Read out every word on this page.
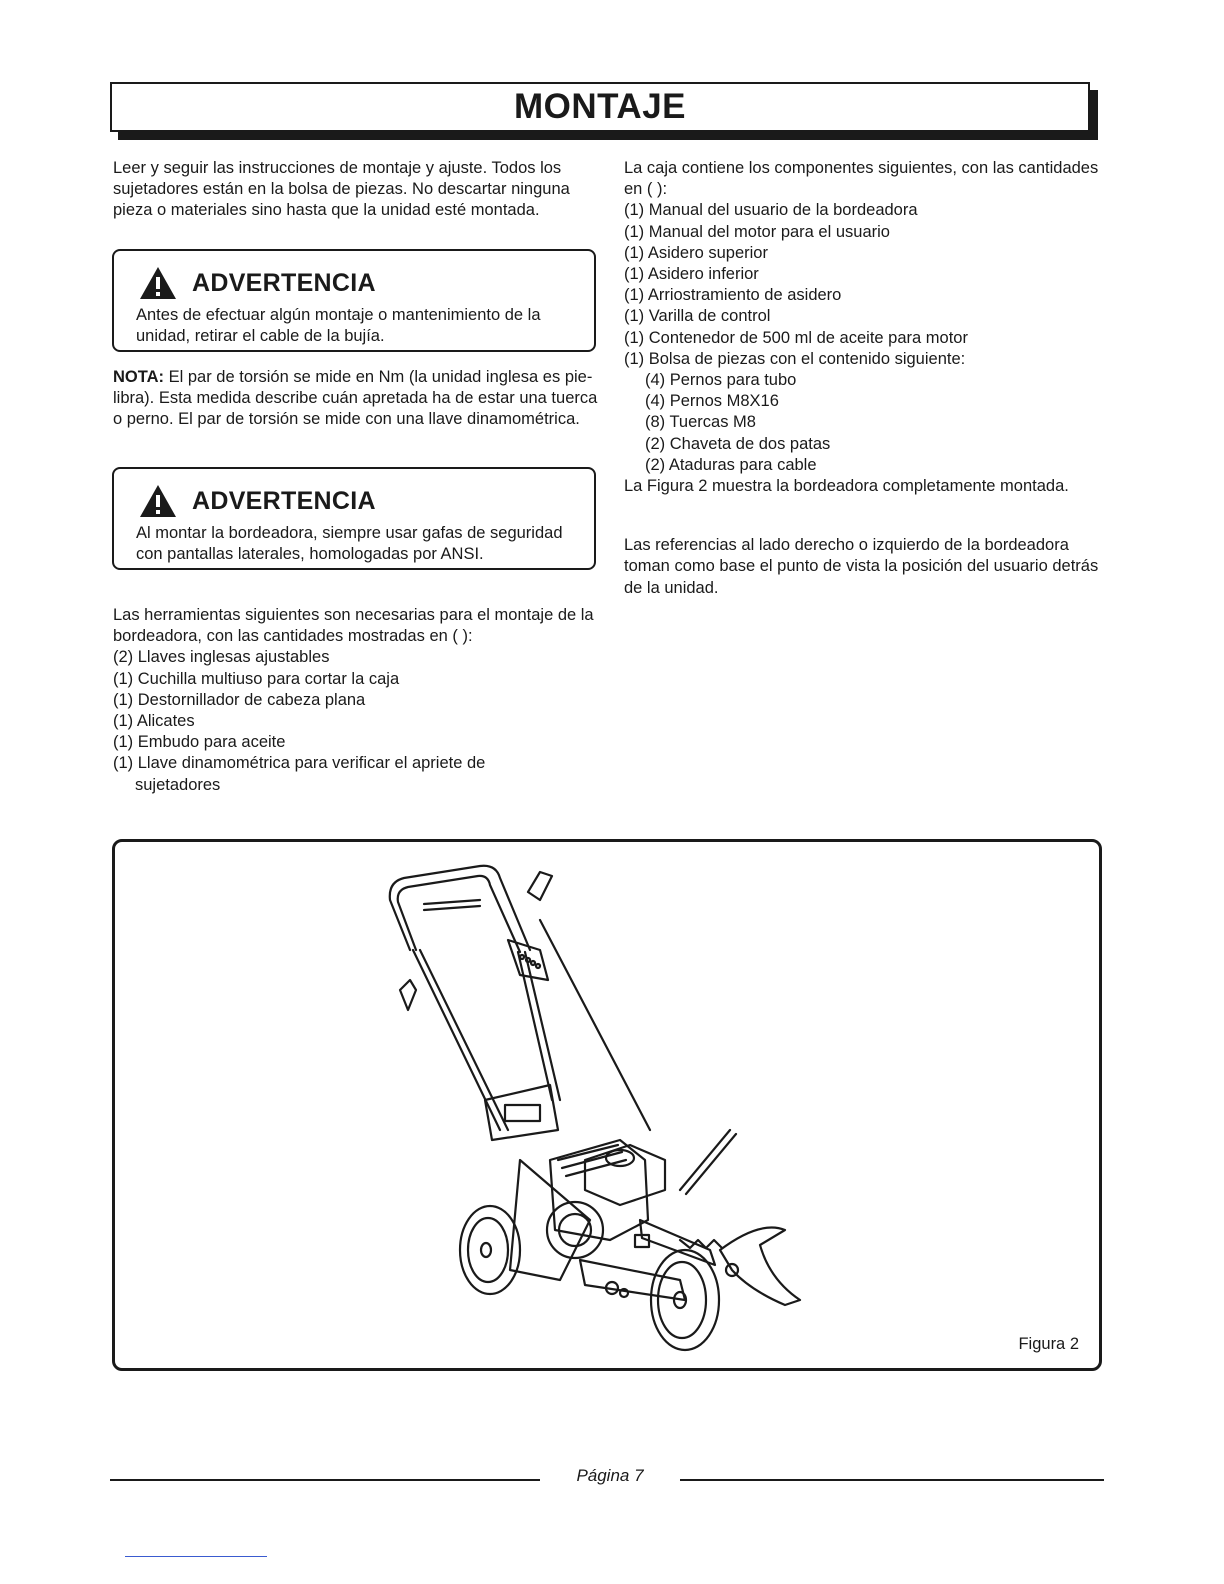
MONTAJE

Leer y seguir las instrucciones de montaje y ajuste. Todos los sujetadores están en la bolsa de piezas. No descartar ninguna pieza o materiales sino hasta que la unidad esté montada.

ADVERTENCIA
Antes de efectuar algún montaje o mantenimiento de la unidad, retirar el cable de la bujía.
NOTA: El par de torsión se mide en Nm (la unidad inglesa es pie-libra). Esta medida describe cuán apretada ha de estar una tuerca o perno. El par de torsión se mide con una llave dinamométrica.
ADVERTENCIA
Al montar la bordeadora, siempre usar gafas de seguridad con pantallas laterales, homologadas por ANSI.

Las herramientas siguientes son necesarias para el montaje de la bordeadora, con las cantidades mostradas en ( ):

(2) Llaves inglesas ajustables
(1) Cuchilla multiuso para cortar la caja
(1) Destornillador de cabeza plana
(1) Alicates
(1) Embudo para aceite
(1) Llave dinamométrica para verificar el apriete de
sujetadores

La caja contiene los componentes siguientes, con las cantidades en ( ):

(1) Manual del usuario de la bordeadora
(1) Manual del motor para el usuario
(1) Asidero superior
(1) Asidero inferior
(1) Arriostramiento de asidero
(1) Varilla de control
(1) Contenedor de 500 ml de aceite para motor
(1) Bolsa de piezas con el contenido siguiente:
(4) Pernos para tubo
(4) Pernos M8X16
(8) Tuercas M8
(2) Chaveta de dos patas
(2) Ataduras para cable

La Figura 2 muestra la bordeadora completamente montada.

Las referencias al lado derecho o izquierdo de la bordeadora toman como base el punto de vista la posición del usuario detrás de la unidad.

Figura 2
Página 7
